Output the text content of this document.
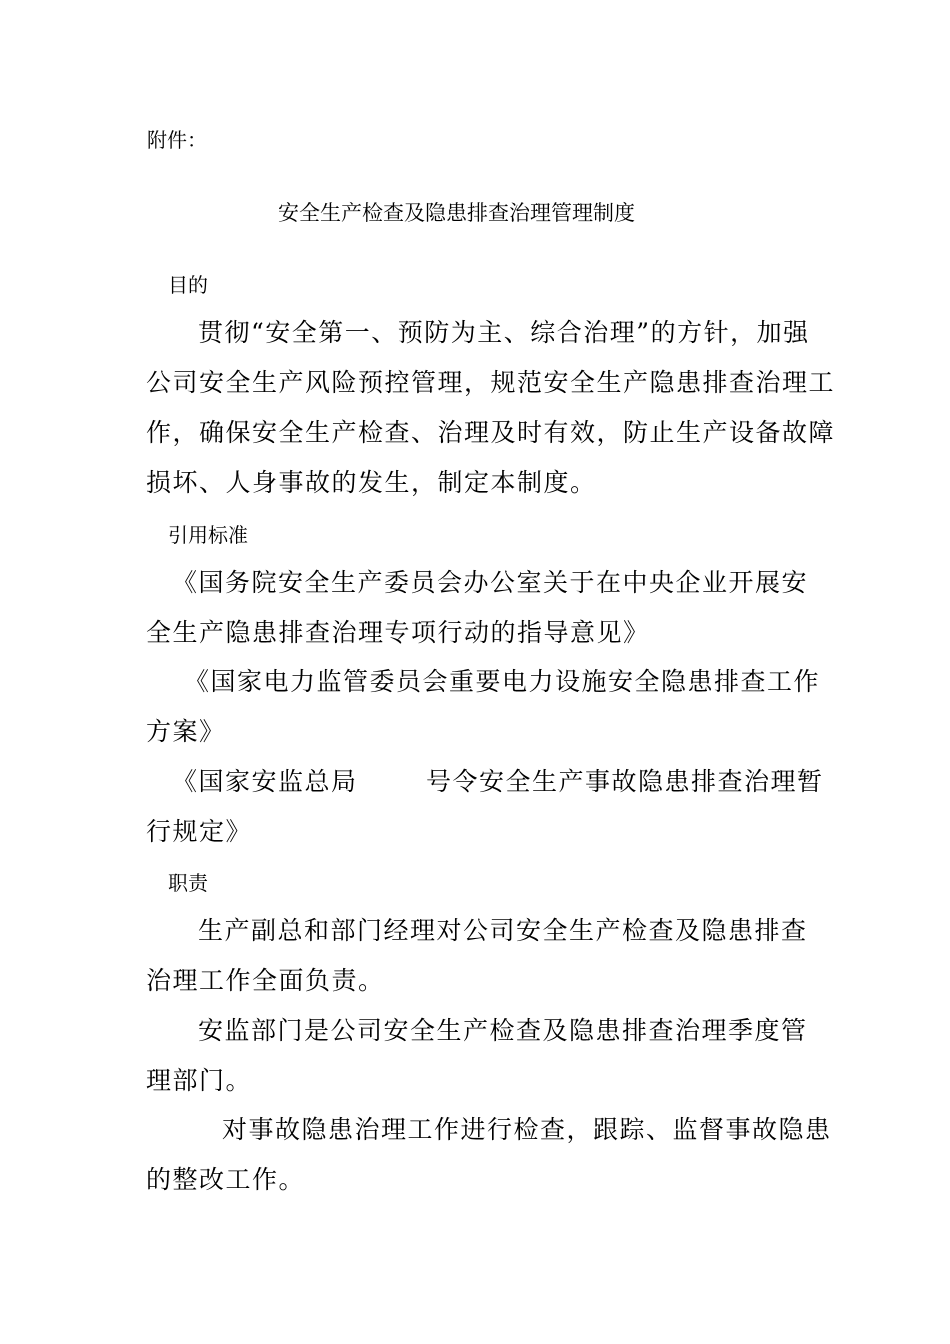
附件：

安全生产检查及隐患排查治理管理制度

目的

贯彻“安全第一、预防为主、综合治理”的方针，加强

公司安全生产风险预控管理，规范安全生产隐患排查治理工

作，确保安全生产检查、治理及时有效，防止生产设备故障

损坏、人身事故的发生，制定本制度。

引用标准

《国务院安全生产委员会办公室关于在中央企业开展安

全生产隐患排查治理专项行动的指导意见》

《国家电力监管委员会重要电力设施安全隐患排查工作

方案》

《国家安监总局	号令安全生产事故隐患排查治理暂

行规定》

职责

生产副总和部门经理对公司安全生产检查及隐患排查

治理工作全面负责。

安监部门是公司安全生产检查及隐患排查治理季度管

理部门。

对事故隐患治理工作进行检查，跟踪、监督事故隐患

的整改工作。
